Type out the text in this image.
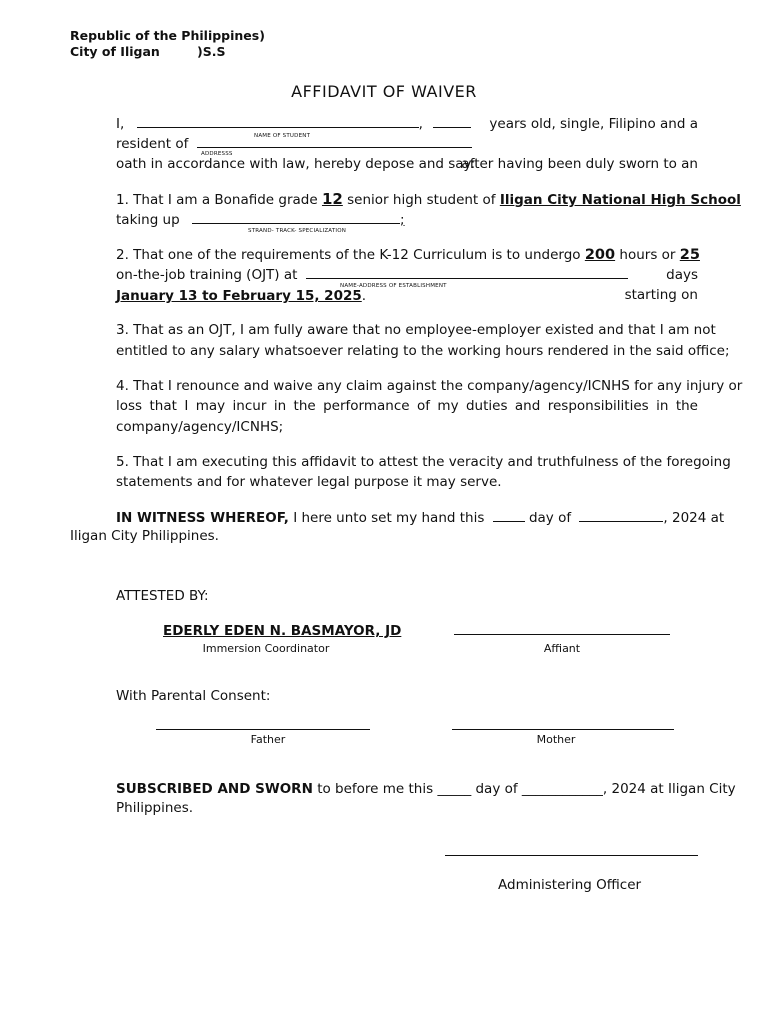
Republic of the Philippines)
City of Iligan	)S.S
AFFIDAVIT OF WAIVER
I,	,	years old, single, Filipino and a
NAME OF STUDENT
resident of
after having been duly sworn to an
ADDRESSS
oath in accordance with law, hereby depose and say:
1. That I am a Bonafide grade 12 senior high student of Iligan City National High School
taking up	;
STRAND- TRACK- SPECIALIZATION
2. That one of the requirements of the K-12 Curriculum is to undergo 200 hours or 25
days
on-the-job training (OJT) at
starting on
NAME-ADDRESS OF ESTABLISHMENT
January 13 to February 15, 2025.
3. That as an OJT, I am fully aware that no employee-employer existed and that I am not
entitled to any salary whatsoever relating to the working hours rendered in the said office;
4. That I renounce and waive any claim against the company/agency/ICNHS for any injury or
loss that I may incur in the performance of my duties and responsibilities in the
company/agency/ICNHS;
5. That I am executing this affidavit to attest the veracity and truthfulness of the foregoing
statements and for whatever legal purpose it may serve.
IN WITNESS WHEREOF, I here unto set my hand this	day of	, 2024 at
Iligan City Philippines.
ATTESTED BY:
EDERLY EDEN N. BASMAYOR, JD
Immersion Coordinator	Affiant
With Parental Consent:
Father	Mother
SUBSCRIBED AND SWORN to before me this _____ day of ____________, 2024 at Iligan City
Philippines.
Administering Officer
